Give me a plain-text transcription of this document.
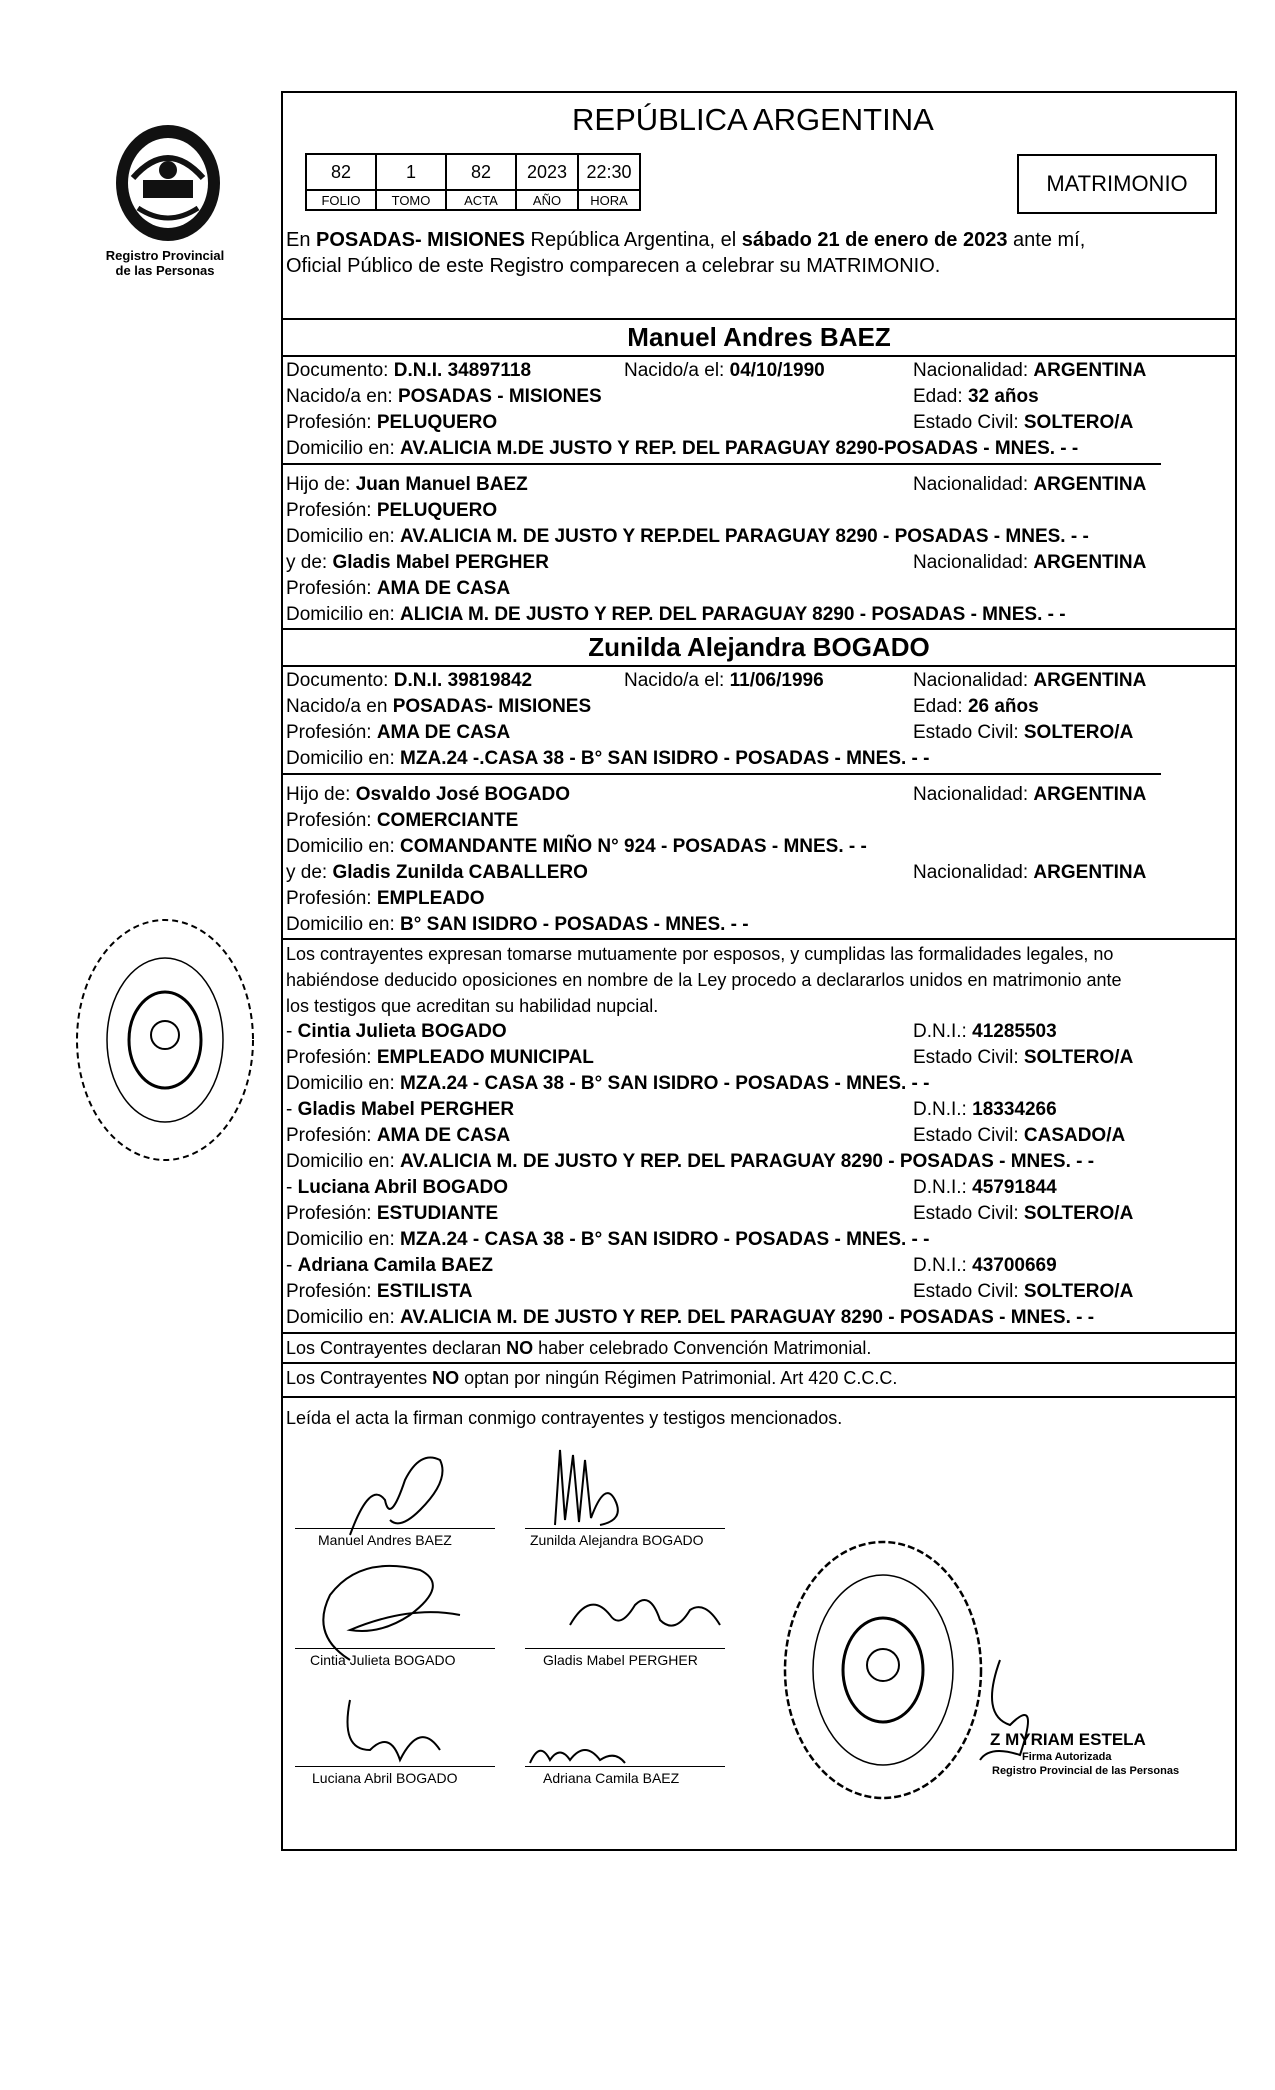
Registro Provincial
de las Personas
REPÚBLICA ARGENTINA
82	1	82	2023	22:30
FOLIO	TOMO	ACTA	AÑO	HORA
MATRIMONIO
En POSADAS- MISIONES República Argentina, el sábado 21 de enero de 2023 ante mí,
Oficial Público de este Registro comparecen a celebrar su MATRIMONIO.
Manuel Andres BAEZ
Documento: D.N.I. 34897118	Nacido/a el: 04/10/1990	Nacionalidad: ARGENTINA
Nacido/a en: POSADAS - MISIONES	Edad: 32 años
Profesión: PELUQUERO	Estado Civil: SOLTERO/A
Domicilio en: AV.ALICIA M.DE JUSTO Y REP. DEL PARAGUAY 8290-POSADAS - MNES. - -
Hijo de: Juan Manuel BAEZ	Nacionalidad: ARGENTINA
Profesión: PELUQUERO
Domicilio en: AV.ALICIA M. DE JUSTO Y REP.DEL PARAGUAY 8290 - POSADAS - MNES. - -
y de: Gladis Mabel PERGHER	Nacionalidad: ARGENTINA
Profesión: AMA DE CASA
Domicilio en: ALICIA M. DE JUSTO Y REP. DEL PARAGUAY 8290 - POSADAS - MNES. - -
Zunilda Alejandra BOGADO
Documento: D.N.I. 39819842	Nacido/a el: 11/06/1996	Nacionalidad: ARGENTINA
Nacido/a en POSADAS- MISIONES	Edad: 26 años
Profesión: AMA DE CASA	Estado Civil: SOLTERO/A
Domicilio en: MZA.24 -.CASA 38 - B° SAN ISIDRO - POSADAS - MNES. - -
Hijo de: Osvaldo José BOGADO	Nacionalidad: ARGENTINA
Profesión: COMERCIANTE
Domicilio en: COMANDANTE MIÑO N° 924 - POSADAS - MNES. - -
y de: Gladis Zunilda CABALLERO	Nacionalidad: ARGENTINA
Profesión: EMPLEADO
Domicilio en: B° SAN ISIDRO - POSADAS - MNES. - -
Los contrayentes expresan tomarse mutuamente por esposos, y cumplidas las formalidades legales, no
habiéndose deducido oposiciones en nombre de la Ley procedo a declararlos unidos en matrimonio ante
los testigos que acreditan su habilidad nupcial.
- Cintia Julieta BOGADO	D.N.I.: 41285503
Profesión: EMPLEADO MUNICIPAL	Estado Civil: SOLTERO/A
Domicilio en: MZA.24 - CASA 38 - B° SAN ISIDRO - POSADAS - MNES. - -
- Gladis Mabel PERGHER	D.N.I.: 18334266
Profesión: AMA DE CASA	Estado Civil: CASADO/A
Domicilio en: AV.ALICIA M. DE JUSTO Y REP. DEL PARAGUAY 8290 - POSADAS - MNES. - -
- Luciana Abril BOGADO	D.N.I.: 45791844
Profesión: ESTUDIANTE	Estado Civil: SOLTERO/A
Domicilio en: MZA.24 - CASA 38 - B° SAN ISIDRO - POSADAS - MNES. - -
- Adriana Camila BAEZ	D.N.I.: 43700669
Profesión: ESTILISTA	Estado Civil: SOLTERO/A
Domicilio en: AV.ALICIA M. DE JUSTO Y REP. DEL PARAGUAY 8290 - POSADAS - MNES. - -
Los Contrayentes declaran NO haber celebrado Convención Matrimonial.
Los Contrayentes NO optan por ningún Régimen Patrimonial. Art 420 C.C.C.
Leída el acta la firman conmigo contrayentes y testigos mencionados.
Manuel Andres BAEZ	Zunilda Alejandra BOGADO
Cintia Julieta BOGADO	Gladis Mabel PERGHER
Luciana Abril BOGADO	Adriana Camila BAEZ
Z MYRIAM ESTELA
Firma Autorizada
Registro Provincial de las Personas
